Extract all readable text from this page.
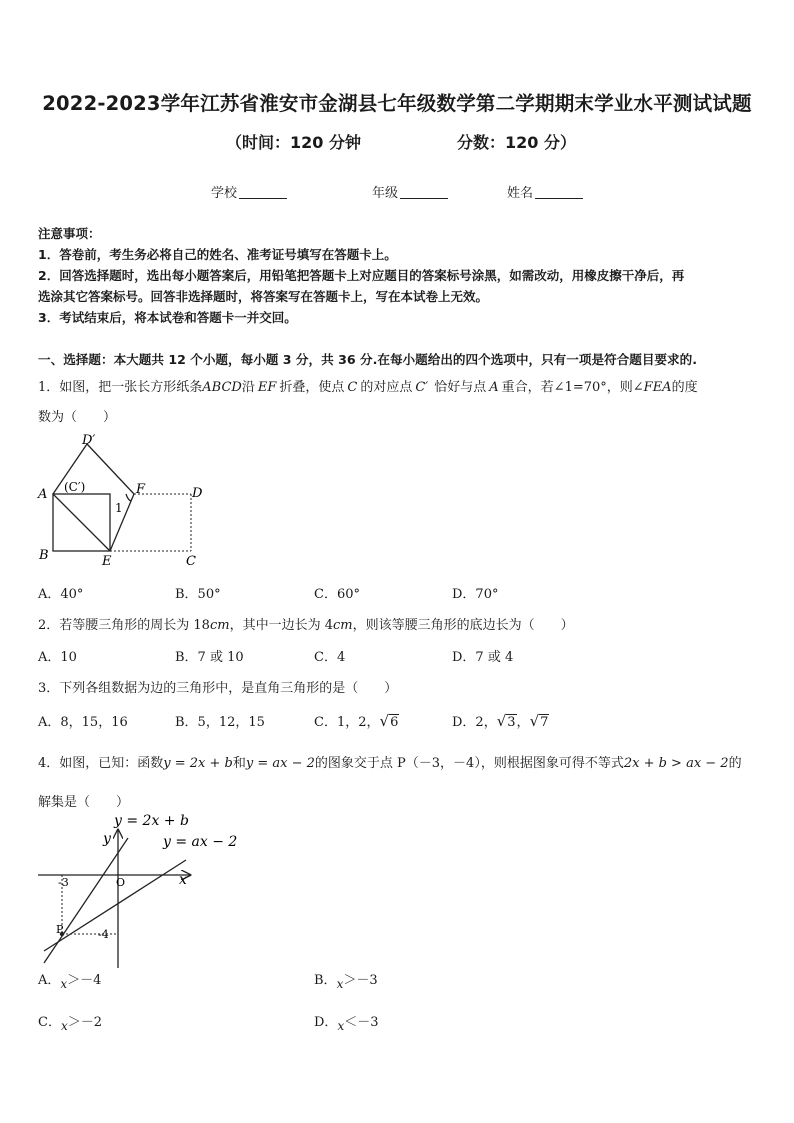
2022-2023学年江苏省淮安市金湖县七年级数学第二学期期末学业水平测试试题
（时间：120 分钟	分数：120 分）
学校	年级	姓名
注意事项：
1．答卷前，考生务必将自己的姓名、准考证号填写在答题卡上。
2．回答选择题时，选出每小题答案后，用铅笔把答题卡上对应题目的答案标号涂黑，如需改动，用橡皮擦干净后，再
选涂其它答案标号。回答非选择题时，将答案写在答题卡上，写在本试卷上无效。
3．考试结束后，将本试卷和答题卡一并交回。
一、选择题：本大题共 12 个小题，每小题 3 分，共 36 分.在每小题给出的四个选项中，只有一项是符合题目要求的.
1．如图，把一张长方形纸条ABCD沿 EF 折叠，使点 C 的对应点 C′ 恰好与点 A 重合，若∠1=70°，则∠FEA的度
数为（　　）
D′
A (C′)	F	D
1
B	E	C
A．40°	B．50°	C．60°	D．70°
2．若等腰三角形的周长为 18cm，其中一边长为 4cm，则该等腰三角形的底边长为（　　）
A．10	B．7 或 10	C．4	D．7 或 4
3．下列各组数据为边的三角形中，是直角三角形的是（　　）
A．8，15，16	B．5，12，15	C．1，2，√6	D．2，√3，√7
4．如图，已知：函数y = 2x + b和y = ax − 2的图象交于点 P（－3，－4），则根据图象可得不等式2x + b > ax − 2的
解集是（　　）
y = 2x + b
y = ax − 2
y
x
O
-3
-4
P
A．x＞－4	B．x＞－3
C．x＞－2	D．x＜－3
